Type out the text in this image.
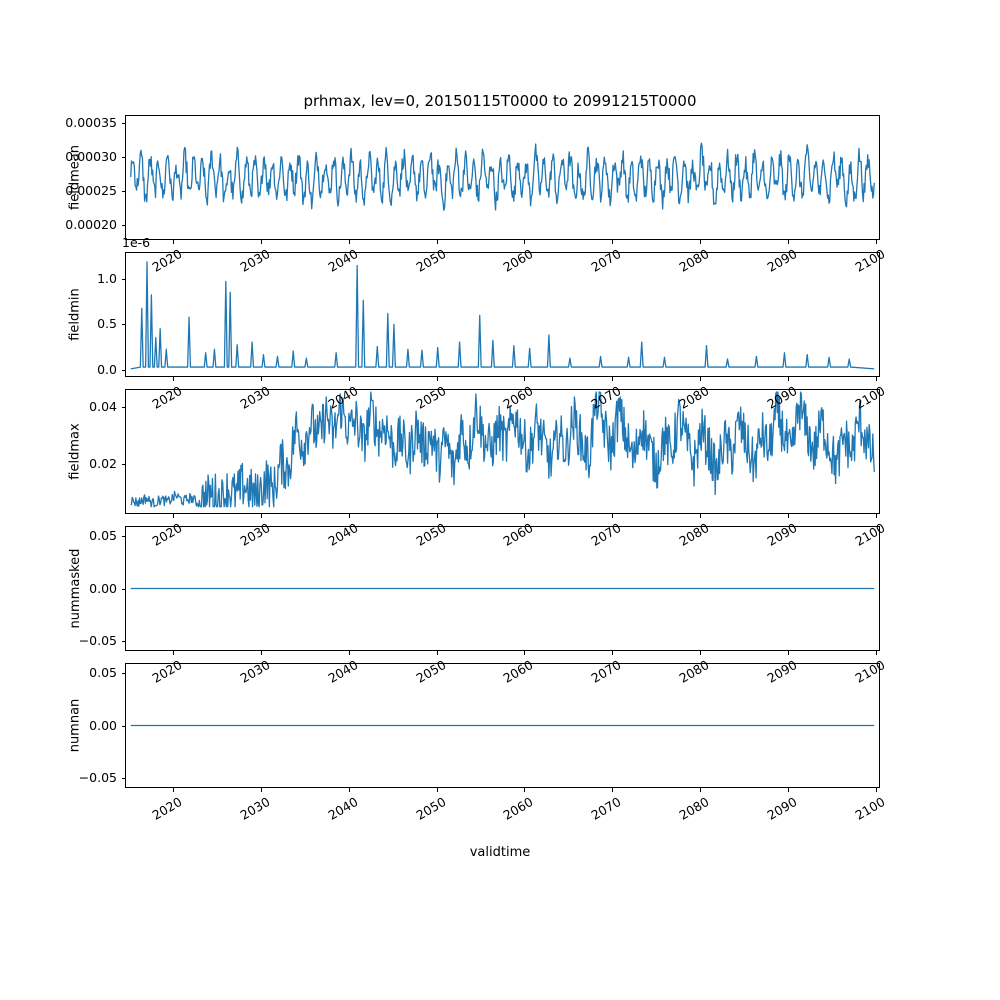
prhmax, lev=0, 20150115T0000 to 20991215T0000
fieldmean
fieldmin
1e-6
fieldmax
nummasked
numnan
validtime
0.00020
0.00025
0.00030
0.00035
0.0
0.5
1.0
0.02
0.04
−0.05
0.00
0.05
−0.05
0.00
0.05
2020	2030	2040	2050	2060	2070	2080	2090	2100
2020	2030	2040	2050	2060	2070	2080	2090	2100
2020	2030	2040	2050	2060	2070	2080	2090	2100
2020	2030	2040	2050	2060	2070	2080	2090	2100
2020	2030	2040	2050	2060	2070	2080	2090	2100
